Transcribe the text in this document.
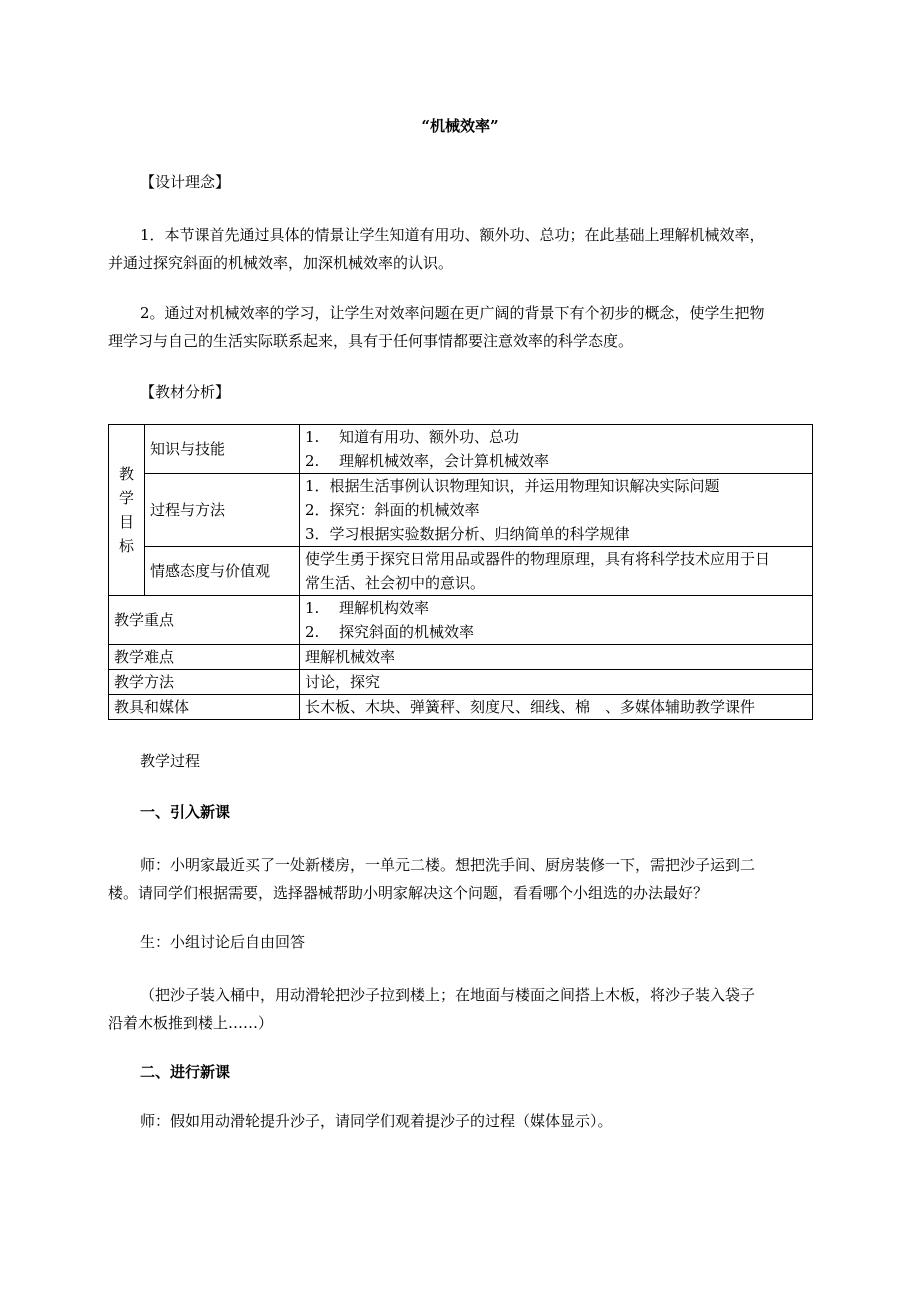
“机械效率”
【设计理念】
1．本节课首先通过具体的情景让学生知道有用功、额外功、总功；在此基础上理解机械效率，
并通过探究斜面的机械效率，加深机械效率的认识。
2。通过对机械效率的学习，让学生对效率问题在更广阔的背景下有个初步的概念，使学生把物
理学习与自己的生活实际联系起来，具有于任何事情都要注意效率的科学态度。
【教材分析】
教
学
目
标	知识与技能	1. 知道有用功、额外功、总功
2. 理解机械效率，会计算机械效率

	过程与方法	1．根据生活事例认识物理知识，并运用物理知识解决实际问题
2．探究：斜面的机械效率
3．学习根据实验数据分析、归纳简单的科学规律

	情感态度与价值观	使学生勇于探究日常用品或器件的物理原理，具有将科学技术应用于日
常生活、社会初中的意识。

教学重点		1. 理解机构效率
2. 探究斜面的机械效率

教学难点		理解机械效率
教学方法		讨论，探究
教具和媒体		长木板、木块、弹簧秤、刻度尺、细线、棉　、多媒体辅助教学课件
教学过程
一、引入新课
师：小明家最近买了一处新楼房，一单元二楼。想把洗手间、厨房装修一下，需把沙子运到二
楼。请同学们根据需要，选择器械帮助小明家解决这个问题，看看哪个小组选的办法最好？
生：小组讨论后自由回答
（把沙子装入桶中，用动滑轮把沙子拉到楼上；在地面与楼面之间搭上木板，将沙子装入袋子
沿着木板推到楼上……）
二、进行新课
师：假如用动滑轮提升沙子，请同学们观着提沙子的过程（媒体显示）。
